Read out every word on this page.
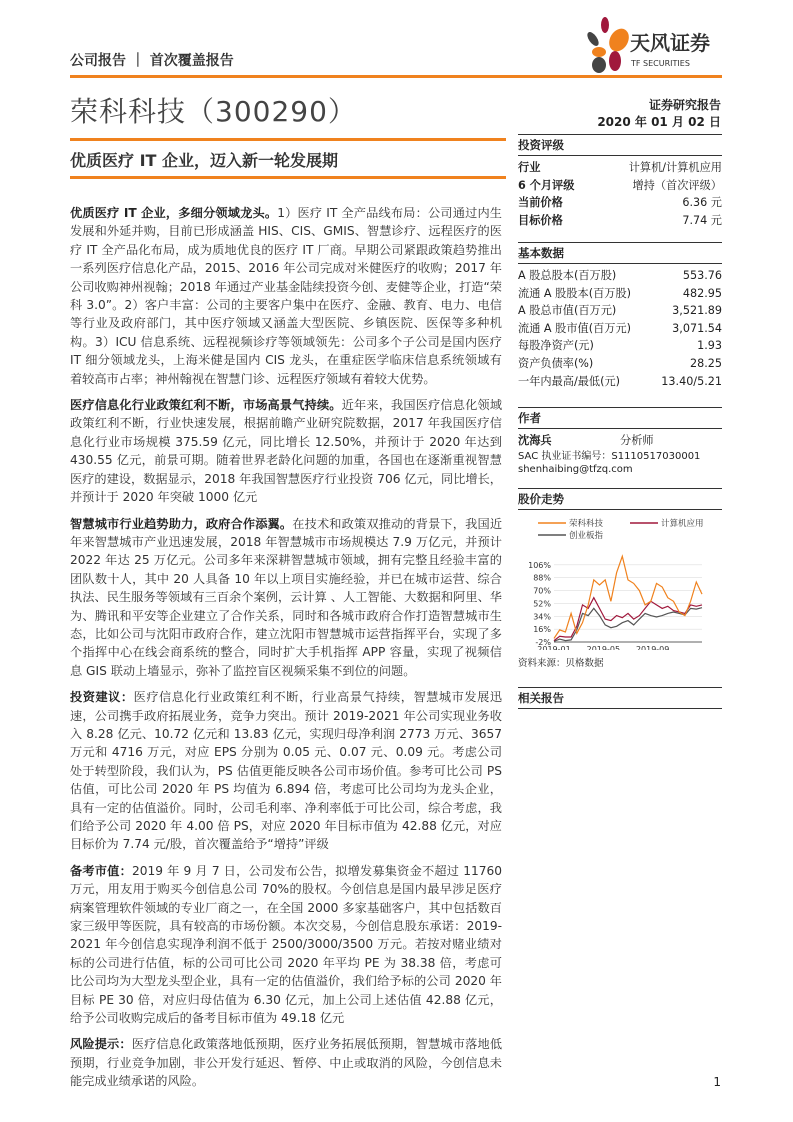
公司报告 ｜ 首次覆盖报告
天风证券
TF SECURITIES
荣科科技（300290）	证券研究报告
2020 年 01 月 02 日
优质医疗 IT 企业，迈入新一轮发展期

优质医疗 IT 企业，多细分领域龙头。1）医疗 IT 全产品线布局：公司通过内生发展和外延并购，目前已形成涵盖 HIS、CIS、GMIS、智慧诊疗、远程医疗的医疗 IT 全产品化布局，成为质地优良的医疗 IT 厂商。早期公司紧跟政策趋势推出一系列医疗信息化产品，2015、2016 年公司完成对米健医疗的收购；2017 年公司收购神州视翰；2018 年通过产业基金陆续投资今创、麦健等企业，打造“荣科 3.0”。2）客户丰富：公司的主要客户集中在医疗、金融、教育、电力、电信等行业及政府部门，其中医疗领域又涵盖大型医院、乡镇医院、医保等多种机构。3）ICU 信息系统、远程视频诊疗等领域领先：公司多个子公司是国内医疗 IT 细分领域龙头，上海米健是国内 CIS 龙头，在重症医学临床信息系统领域有着较高市占率；神州翰视在智慧门诊、远程医疗领域有着较大优势。

医疗信息化行业政策红利不断，市场高景气持续。近年来，我国医疗信息化领域政策红利不断，行业快速发展，根据前瞻产业研究院数据，2017 年我国医疗信息化行业市场规模 375.59 亿元，同比增长 12.50%，并预计于 2020 年达到 430.55 亿元，前景可期。随着世界老龄化问题的加重，各国也在逐渐重视智慧医疗的建设，数据显示，2018 年我国智慧医疗行业投资 706 亿元，同比增长，并预计于 2020 年突破 1000 亿元

智慧城市行业趋势助力，政府合作添翼。在技术和政策双推动的背景下，我国近年来智慧城市产业迅速发展，2018 年智慧城市市场规模达 7.9 万亿元，并预计 2022 年达 25 万亿元。公司多年来深耕智慧城市领域，拥有完整且经验丰富的团队数十人，其中 20 人具备 10 年以上项目实施经验，并已在城市运营、综合执法、民生服务等领域有三百余个案例，云计算 、人工智能、大数据和阿里、华为、腾讯和平安等企业建立了合作关系，同时和各城市政府合作打造智慧城市生态，比如公司与沈阳市政府合作，建立沈阳市智慧城市运营指挥平台，实现了多个指挥中心在线会商系统的整合，同时扩大手机指挥 APP 容量，实现了视频信息 GIS 联动上墙显示，弥补了监控盲区视频采集不到位的问题。

投资建议：医疗信息化行业政策红利不断，行业高景气持续，智慧城市发展迅速，公司携手政府拓展业务，竞争力突出。预计 2019-2021 年公司实现业务收入 8.28 亿元、10.72 亿元和 13.83 亿元，实现归母净利润 2773 万元、3657 万元和 4716 万元，对应 EPS 分别为 0.05 元、0.07 元、0.09 元。考虑公司处于转型阶段，我们认为，PS 估值更能反映各公司市场价值。参考可比公司 PS 估值，可比公司 2020 年 PS 均值为 6.894 倍，考虑可比公司均为龙头企业，具有一定的估值溢价。同时，公司毛利率、净利率低于可比公司，综合考虑，我们给予公司 2020 年 4.00 倍 PS，对应 2020 年目标市值为 42.88 亿元，对应目标价为 7.74 元/股，首次覆盖给予“增持”评级

备考市值：2019 年 9 月 7 日，公司发布公告，拟增发募集资金不超过 11760 万元，用友用于购买今创信息公司 70%的股权。今创信息是国内最早涉足医疗病案管理软件领域的专业厂商之一，在全国 2000 多家基础客户，其中包括数百家三级甲等医院，具有较高的市场份额。本次交易，今创信息股东承诺：2019-2021 年今创信息实现净利润不低于 2500/3000/3500 万元。若按对赌业绩对标的公司进行估值，标的公司可比公司 2020 年平均 PE 为 38.38 倍，考虑可比公司均为大型龙头型企业，具有一定的估值溢价，我们给予标的公司 2020 年目标 PE 30 倍，对应归母估值为 6.30 亿元，加上公司上述估值 42.88 亿元，给予公司收购完成后的备考目标市值为 49.18 亿元

风险提示：医疗信息化政策落地低预期，医疗业务拓展低预期，智慧城市落地低预期，行业竞争加剧，非公开发行延迟、暂停、中止或取消的风险，今创信息未能完成业绩承诺的风险。

投资评级
行业	计算机/计算机应用
6 个月评级	增持（首次评级）
当前价格	6.36 元
目标价格	7.74 元
基本数据
A 股总股本(百万股)	553.76
流通 A 股股本(百万股)	482.95
A 股总市值(百万元)	3,521.89
流通 A 股市值(百万元)	3,071.54
每股净资产(元)	1.93
资产负债率(%)	28.25
一年内最高/最低(元)	13.40/5.21
作者
沈海兵	分析师
SAC 执业证书编号：S1110517030001
shenhaibing@tfzq.com
股价走势
106%
88%
70%
52%
34%
16%
-2%
2019-01 2019-05 2019-09
荣科科技	计算机应用
创业板指
资料来源：贝格数据
相关报告
1
